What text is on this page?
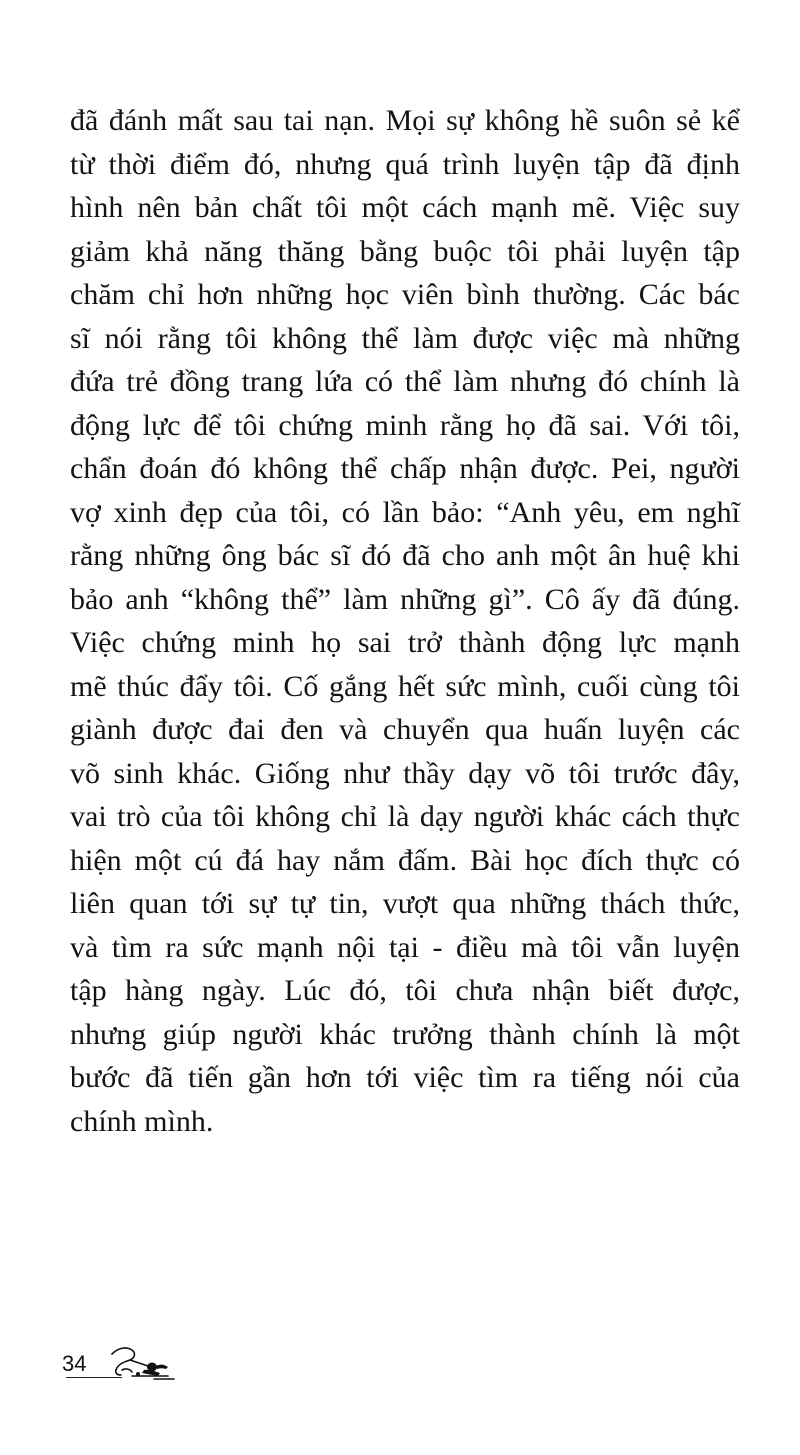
đã đánh mất sau tai nạn. Mọi sự không hề suôn sẻ kể
từ thời điểm đó, nhưng quá trình luyện tập đã định
hình nên bản chất tôi một cách mạnh mẽ. Việc suy
giảm khả năng thăng bằng buộc tôi phải luyện tập
chăm chỉ hơn những học viên bình thường. Các bác
sĩ nói rằng tôi không thể làm được việc mà những
đứa trẻ đồng trang lứa có thể làm nhưng đó chính là
động lực để tôi chứng minh rằng họ đã sai. Với tôi,
chẩn đoán đó không thể chấp nhận được. Pei, người
vợ xinh đẹp của tôi, có lần bảo: “Anh yêu, em nghĩ
rằng những ông bác sĩ đó đã cho anh một ân huệ khi
bảo anh “không thể” làm những gì”. Cô ấy đã đúng.
Việc chứng minh họ sai trở thành động lực mạnh
mẽ thúc đẩy tôi. Cố gắng hết sức mình, cuối cùng tôi
giành được đai đen và chuyển qua huấn luyện các
võ sinh khác. Giống như thầy dạy võ tôi trước đây,
vai trò của tôi không chỉ là dạy người khác cách thực
hiện một cú đá hay nắm đấm. Bài học đích thực có
liên quan tới sự tự tin, vượt qua những thách thức,
và tìm ra sức mạnh nội tại - điều mà tôi vẫn luyện
tập hàng ngày. Lúc đó, tôi chưa nhận biết được,
nhưng giúp người khác trưởng thành chính là một
bước đã tiến gần hơn tới việc tìm ra tiếng nói của
chính mình.
34
